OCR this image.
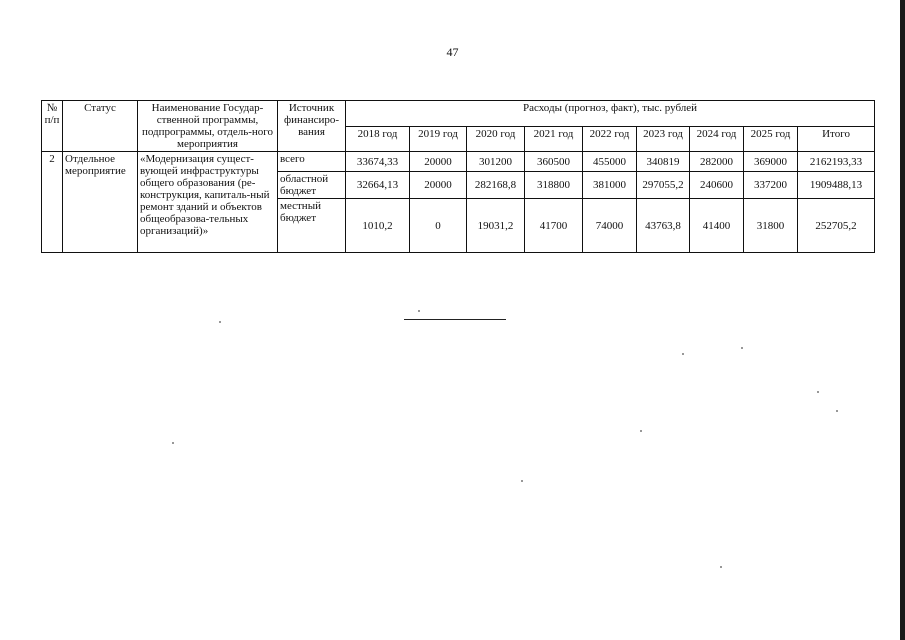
47
№ п/п	Статус	Наименование Государ-ственной программы, подпрограммы, отдель-ного мероприятия	Источник финансиро-вания	Расходы (прогноз, факт), тыс. рублей								
				2018 год	2019 год	2020 год	2021 год	2022 год	2023 год	2024 год	2025 год	Итого
2	Отдельное мероприятие	«Модернизация сущест-вующей инфраструктуры общего образования (ре-конструкция, капиталь-ный ремонт зданий и объектов общеобразова-тельных организаций)»	всего	33674,33	20000	301200	360500	455000	340819	282000	369000	2162193,33
			областной бюджет	32664,13	20000	282168,8	318800	381000	297055,2	240600	337200	1909488,13
			местный бюджет	1010,2	0	19031,2	41700	74000	43763,8	41400	31800	252705,2
